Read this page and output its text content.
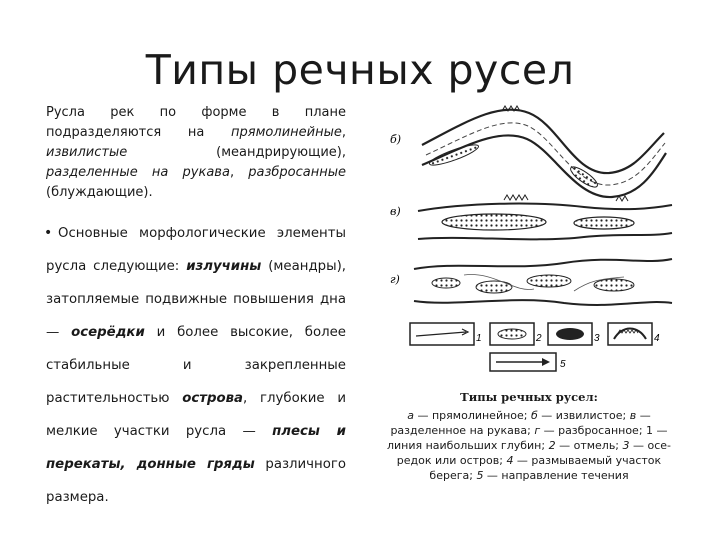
Типы речных русел

Русла рек по форме в плане подразделяются на прямолинейные, извилистые (меандрирующие), разделенные на рукава, разбросанные (блуждающие).

• Основные морфологические элементы русла следующие: излучины (меандры), затопляемые подвижные повышения дна — осерёдки и более высокие, более стабильные и закрепленные растительностью острова, глубокие и мелкие участки русла — плесы и перекаты, донные гряды различного размера.

б)
в)
г)
1	2	3	4
5
Типы речных русел:
а — прямолинейное; б — извилистое; в — разделенное на рукава; г — разбросанное; 1 — линия наибольших глубин; 2 — отмель; 3 — осе-редок или остров; 4 — размываемый участок берега; 5 — направление течения
